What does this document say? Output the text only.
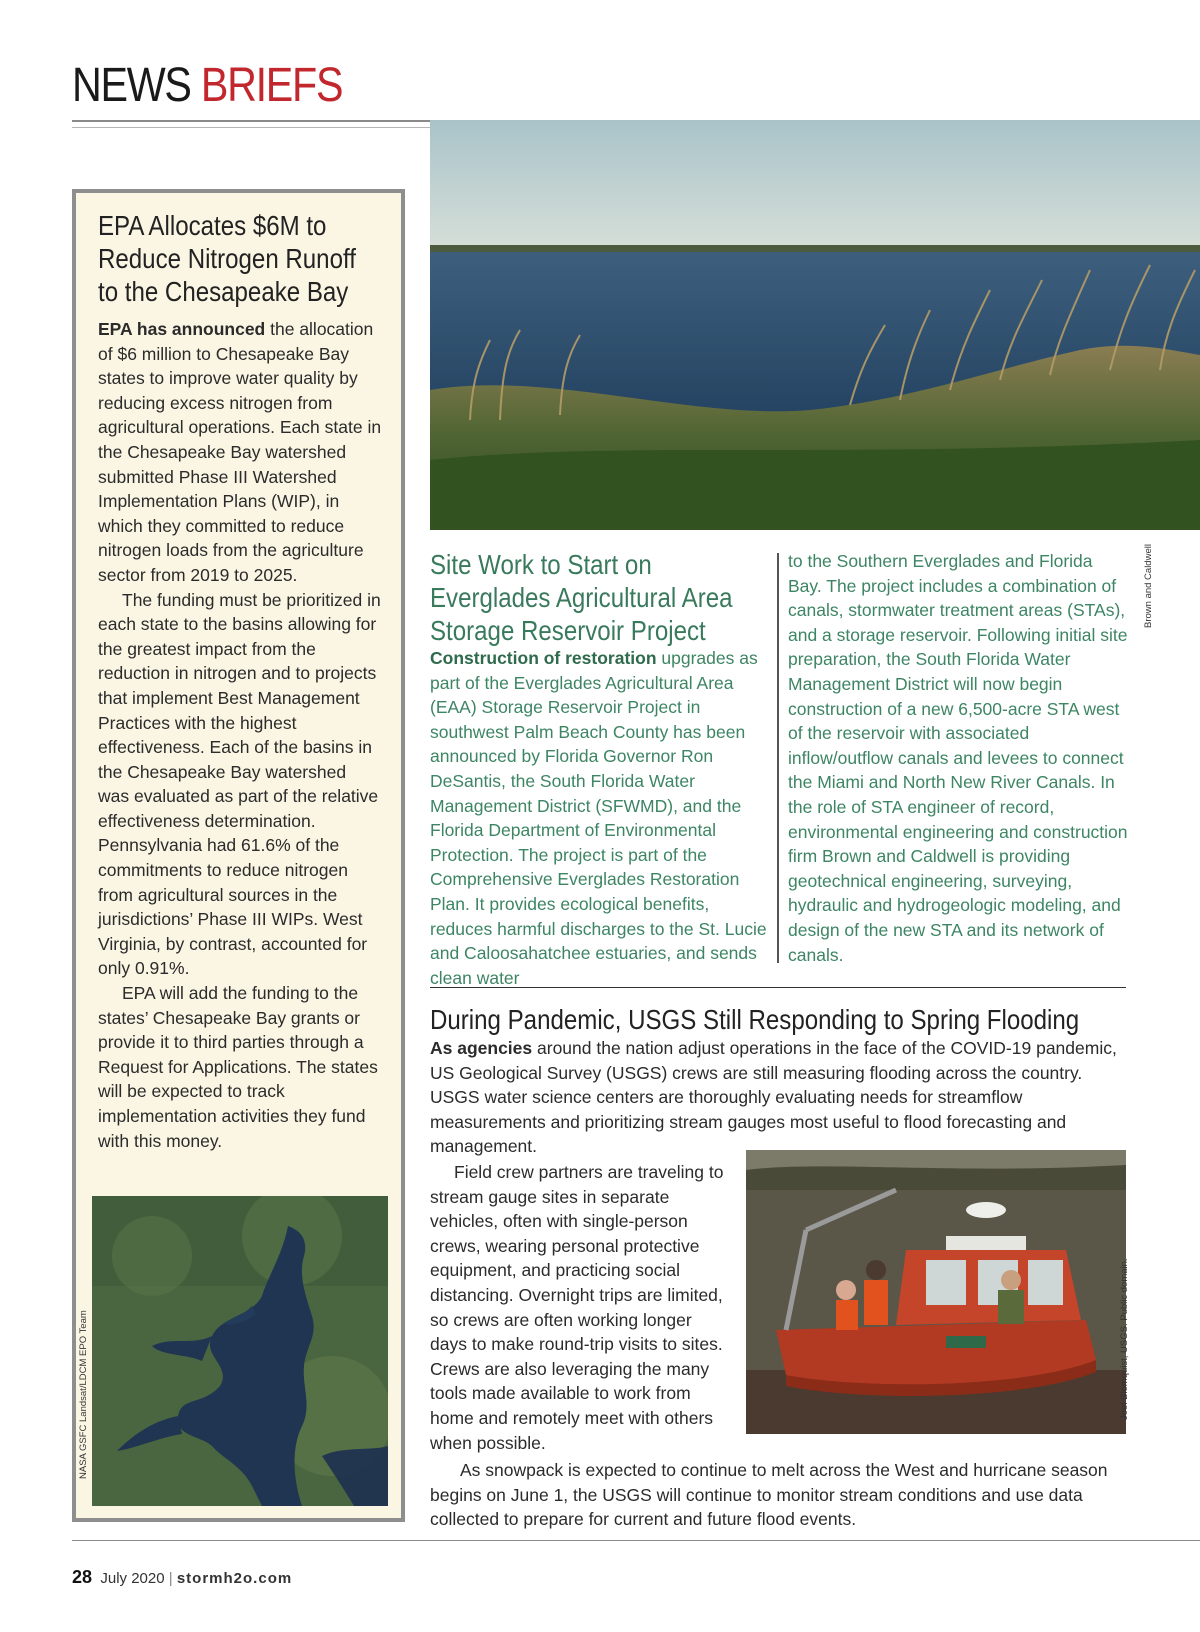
NEWS BRIEFS
EPA Allocates $6M to
Reduce Nitrogen Runoff
to the Chesapeake Bay

EPA has announced the allocation of $6 million to Chesapeake Bay states to improve water quality by reducing excess nitrogen from agricultural operations. Each state in the Chesapeake Bay watershed submitted Phase III Watershed Implementation Plans (WIP), in which they committed to reduce nitrogen loads from the agriculture sector from 2019 to 2025.

The funding must be prioritized in each state to the basins allowing for the greatest impact from the reduction in nitrogen and to projects that implement Best Management Practices with the highest effectiveness. Each of the basins in the Chesapeake Bay watershed was evaluated as part of the relative effectiveness determination. Pennsylvania had 61.6% of the commitments to reduce nitrogen from agricultural sources in the jurisdictions’ Phase III WIPs. West Virginia, by contrast, accounted for only 0.91%.

EPA will add the funding to the states’ Chesapeake Bay grants or provide it to third parties through a Request for Applications. The states will be expected to track implementation activities they fund with this money.

NASA GSFC Landsat/LDCM EPO Team
Brown and Caldwell
Site Work to Start on
Everglades Agricultural Area
Storage Reservoir Project
Construction of restoration upgrades as part of the Everglades Agricultural Area (EAA) Storage Reservoir Project in southwest Palm Beach County has been announced by Florida Governor Ron DeSantis, the South Florida Water Management District (SFWMD), and the Florida Department of Environmental Protection. The project is part of the Comprehensive Everglades Restoration Plan. It provides ecological benefits, reduces harmful discharges to the St. Lucie and Caloosahatchee estuaries, and sends clean water
to the Southern Everglades and Florida Bay. The project includes a combination of canals, stormwater treatment areas (STAs), and a storage reservoir. Following initial site preparation, the South Florida Water Management District will now begin construction of a new 6,500-acre STA west of the reservoir with associated inflow/outflow canals and levees to connect the Miami and North New River Canals. In the role of STA engineer of record, environmental engineering and construction firm Brown and Caldwell is providing geotechnical engineering, surveying, hydraulic and hydrogeologic modeling, and design of the new STA and its network of canals.
During Pandemic, USGS Still Responding to Spring Flooding
As agencies around the nation adjust operations in the face of the COVID-19 pandemic, US Geological Survey (USGS) crews are still measuring flooding across the country. USGS water science centers are thoroughly evaluating needs for streamflow measurements and prioritizing stream gauges most useful to flood forecasting and management.
Field crew partners are traveling to stream gauge sites in separate vehicles, often with single-person crews, wearing personal protective equipment, and practicing social distancing. Overnight trips are limited, so crews are often working longer days to make round-trip visits to sites. Crews are also leveraging the many tools made available to work from home and remotely meet with others when possible.
As snowpack is expected to continue to melt across the West and hurricane season begins on June 1, the USGS will continue to monitor stream conditions and use data collected to prepare for current and future flood events.
Joel Blomquist, USGS. Public domain.
28 July 2020 | stormh2o.com
